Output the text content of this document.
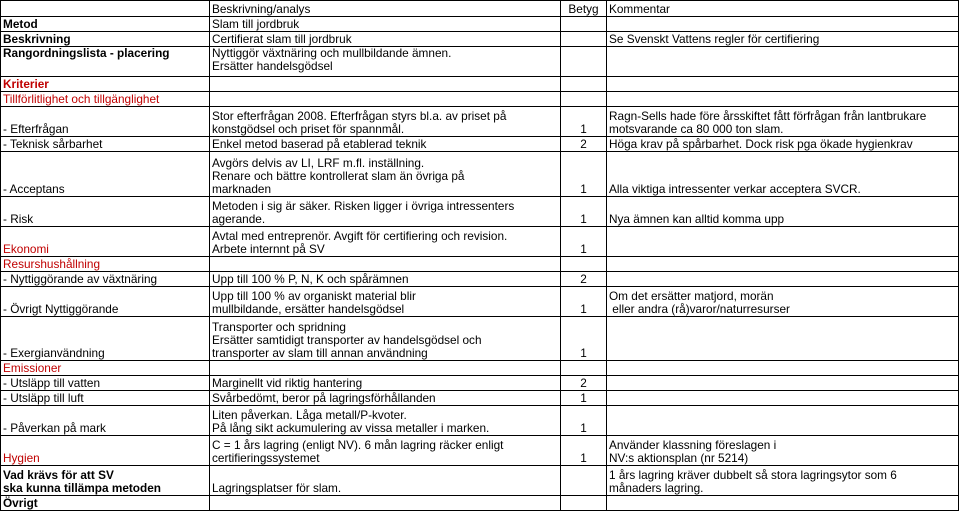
	Beskrivning/analys	Betyg	Kommentar
Metod	Slam till jordbruk		
Beskrivning	Certifierat slam till jordbruk		Se Svenskt Vattens regler för certifiering
Rangordningslista - placering	Nyttiggör växtnäring och mullbildande ämnen.
Ersätter handelsgödsel		

Kriterier			
Tillförlitlighet och tillgänglighet			
- Efterfrågan	Stor efterfrågan 2008. Efterfrågan styrs bl.a. av priset på
konstgödsel och priset för spannmål.	1	Ragn-Sells hade före årsskiftet fått förfrågan från lantbrukare
motsvarande ca 80 000 ton slam.

- Teknisk sårbarhet	Enkel metod baserad på etablerad teknik	2	Höga krav på spårbarhet. Dock risk pga ökade hygienkrav
- Acceptans	Avgörs delvis av LI, LRF m.fl. inställning.
Renare och bättre kontrollerat slam än övriga på
marknaden	1	Alla viktiga intressenter verkar acceptera SVCR.
- Risk	Metoden i sig är säker. Risken ligger i övriga intressenters
agerande.	1	Nya ämnen kan alltid komma upp
Ekonomi	Avtal med entreprenör. Avgift för certifiering och revision.
Arbete internnt på SV	1	
Resurshushållning			
- Nyttiggörande av växtnäring	Upp till 100 % P, N, K och spårämnen	2	
- Övrigt Nyttiggörande	Upp till 100 % av organiskt material blir
mullbildande, ersätter handelsgödsel	1	Om det ersätter matjord, morän
eller andra (rå)varor/naturresurser

- Exergianvändning	Transporter och spridning
Ersätter samtidigt transporter av handelsgödsel och
transporter av slam till annan användning	1	
Emissioner			
- Utsläpp till vatten	Marginellt vid riktig hantering	2	
- Utsläpp till luft	Svårbedömt, beror på lagringsförhållanden	1	
- Påverkan på mark	Liten påverkan. Låga metall/P-kvoter.
På lång sikt ackumulering av vissa metaller i marken.	1	
Hygien	C = 1 års lagring (enligt NV). 6 mån lagring räcker enligt
certifieringssystemet	1	Använder klassning föreslagen i
NV:s aktionsplan (nr 5214)

Vad krävs för att SV
ska kunna tillämpa metoden	Lagringsplatser för slam.		1 års lagring kräver dubbelt så stora lagringsytor som 6
månaders lagring.

Övrigt			
